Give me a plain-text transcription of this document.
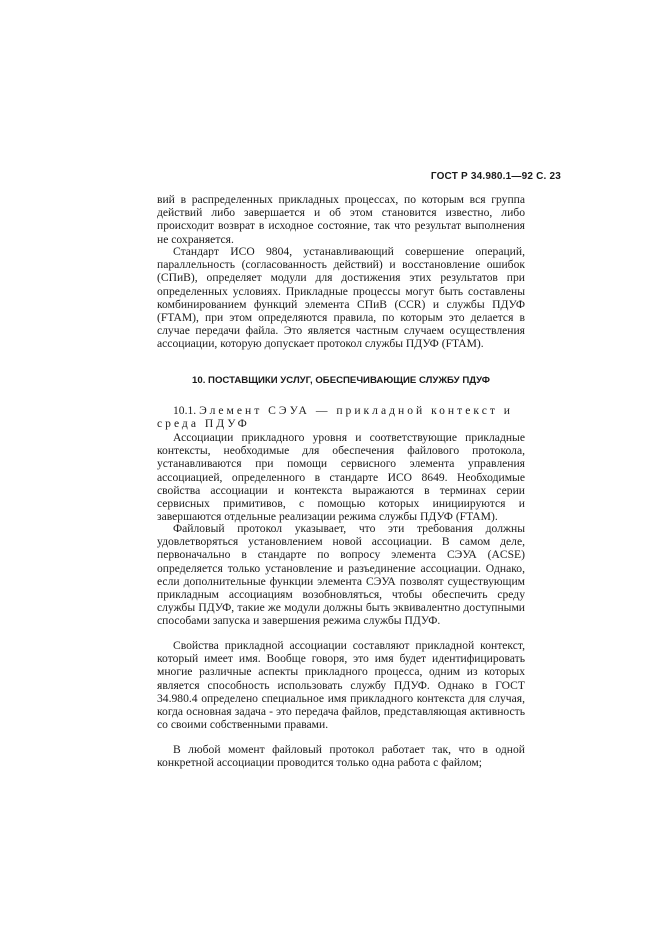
ГОСТ Р 34.980.1—92 С. 23

вий в распределенных прикладных процессах, по которым вся группа действий либо завершается и об этом становится известно, либо происходит возврат в исходное состояние, так что результат выполнения не сохраняется.

Стандарт ИСО 9804, устанавливающий совершение операций, параллельность (согласованность действий) и восстановление ошибок (СПиВ), определяет модули для достижения этих результатов при определенных условиях. Прикладные процессы могут быть составлены комбинированием функций элемента СПиВ (CCR) и службы ПДУФ (FTAM), при этом определяются правила, по которым это делается в случае передачи файла. Это является частным случаем осуществления ассоциации, которую допускает протокол службы ПДУФ (FTAM).

10. ПОСТАВЩИКИ УСЛУГ, ОБЕСПЕЧИВАЮЩИЕ СЛУЖБУ ПДУФ

10.1. Элемент СЭУА — прикладной контекст и

среда ПДУФ

Ассоциации прикладного уровня и соответствующие прикладные контексты, необходимые для обеспечения файлового протокола, устанавливаются при помощи сервисного элемента управления ассоциацией, определенного в стандарте ИСО 8649. Необходимые свойства ассоциации и контекста выражаются в терминах серии сервисных примитивов, с помощью которых инициируются и завершаются отдельные реализации режима службы ПДУФ (FTAM).

Файловый протокол указывает, что эти требования должны удовлетворяться установлением новой ассоциации. В самом деле, первоначально в стандарте по вопросу элемента СЭУА (ACSE) определяется только установление и разъединение ассоциации. Однако, если дополнительные функции элемента СЭУА позволят существующим прикладным ассоциациям возобновляться, чтобы обеспечить среду службы ПДУФ, такие же модули должны быть эквивалентно доступными способами запуска и завершения режима службы ПДУФ.

Свойства прикладной ассоциации составляют прикладной контекст, который имеет имя. Вообще говоря, это имя будет идентифицировать многие различные аспекты прикладного процесса, одним из которых является способность использовать службу ПДУФ. Однако в ГОСТ 34.980.4 определено специальное имя прикладного контекста для случая, когда основная задача - это передача файлов, представляющая активность со своими собственными правами.

В любой момент файловый протокол работает так, что в одной конкретной ассоциации проводится только одна работа с файлом;
